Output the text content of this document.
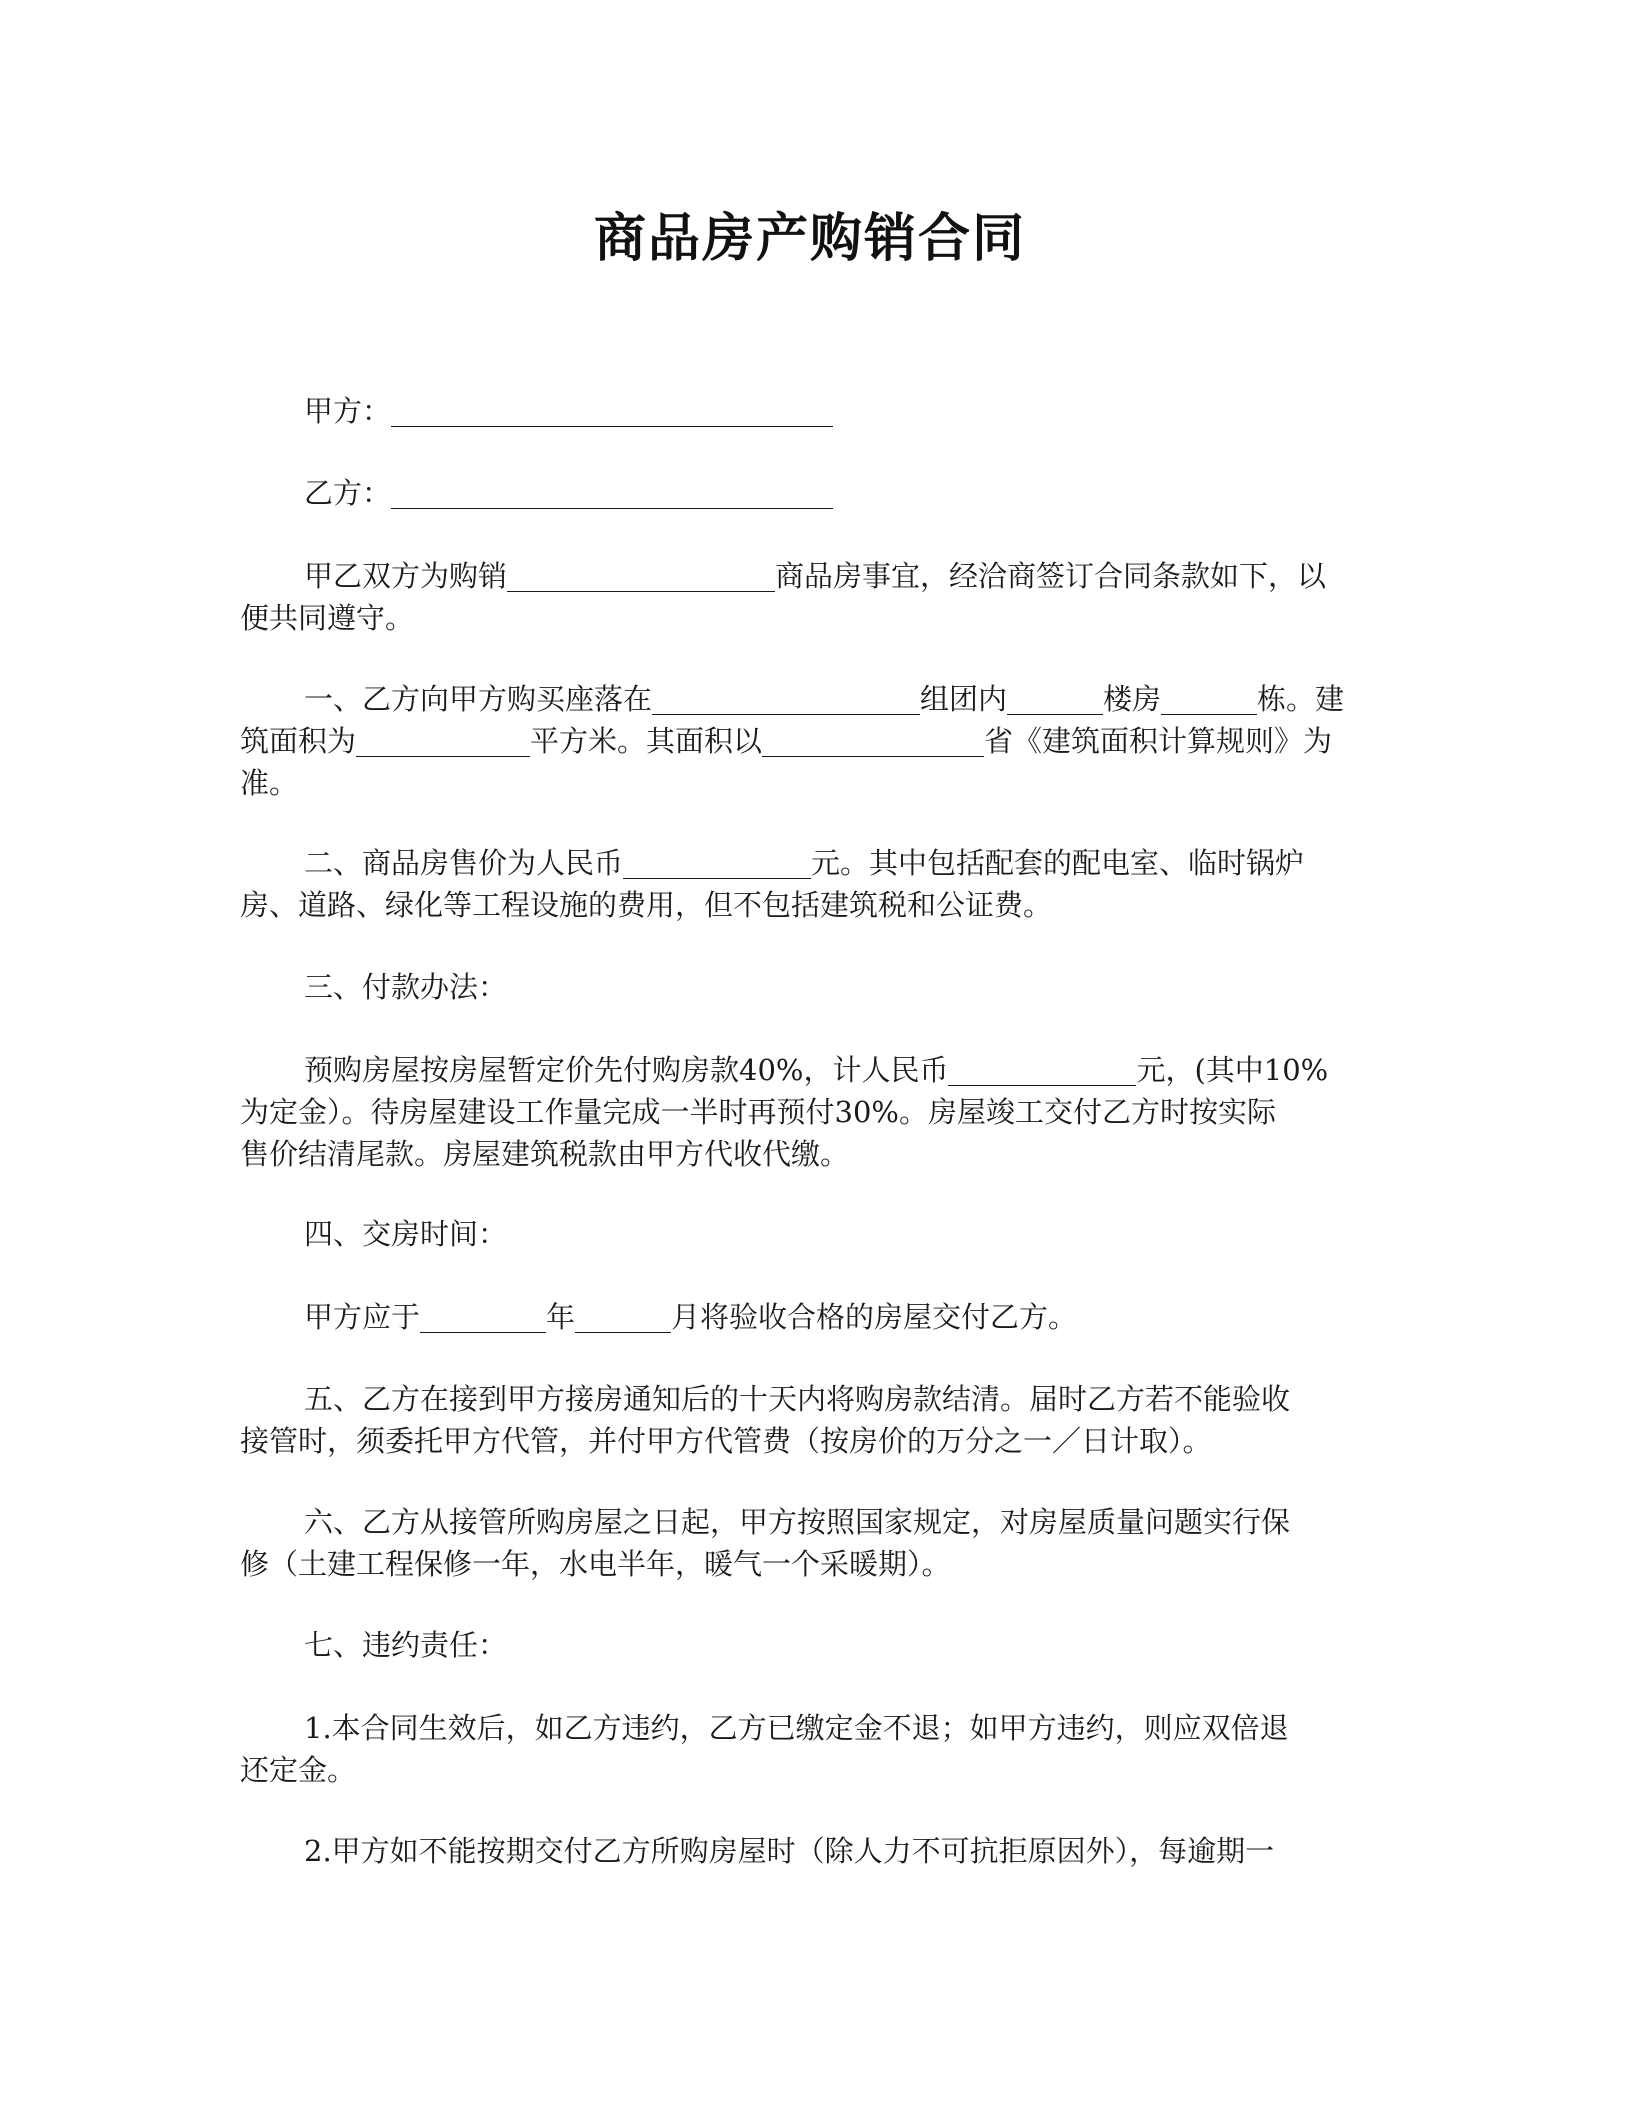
商品房产购销合同

甲方：

乙方：

甲乙双方为购销	商品房事宜，经洽商签订合同条款如下，以
便共同遵守。

一、乙方向甲方购买座落在	组团内	楼房	栋。建
筑面积为	平方米。其面积以	省《建筑面积计算规则》为
准。

二、商品房售价为人民币	元。其中包括配套的配电室、临时锅炉
房、道路、绿化等工程设施的费用，但不包括建筑税和公证费。

三、付款办法：

预购房屋按房屋暂定价先付购房款40%，计人民币	元，(其中10%
为定金）。待房屋建设工作量完成一半时再预付30%。房屋竣工交付乙方时按实际
售价结清尾款。房屋建筑税款由甲方代收代缴。

四、交房时间：

甲方应于	年	月将验收合格的房屋交付乙方。

五、乙方在接到甲方接房通知后的十天内将购房款结清。届时乙方若不能验收
接管时，须委托甲方代管，并付甲方代管费（按房价的万分之一／日计取）。

六、乙方从接管所购房屋之日起，甲方按照国家规定，对房屋质量问题实行保
修（土建工程保修一年，水电半年，暖气一个采暖期）。

七、违约责任：

1.本合同生效后，如乙方违约，乙方已缴定金不退；如甲方违约，则应双倍退
还定金。

2.甲方如不能按期交付乙方所购房屋时（除人力不可抗拒原因外），每逾期一
